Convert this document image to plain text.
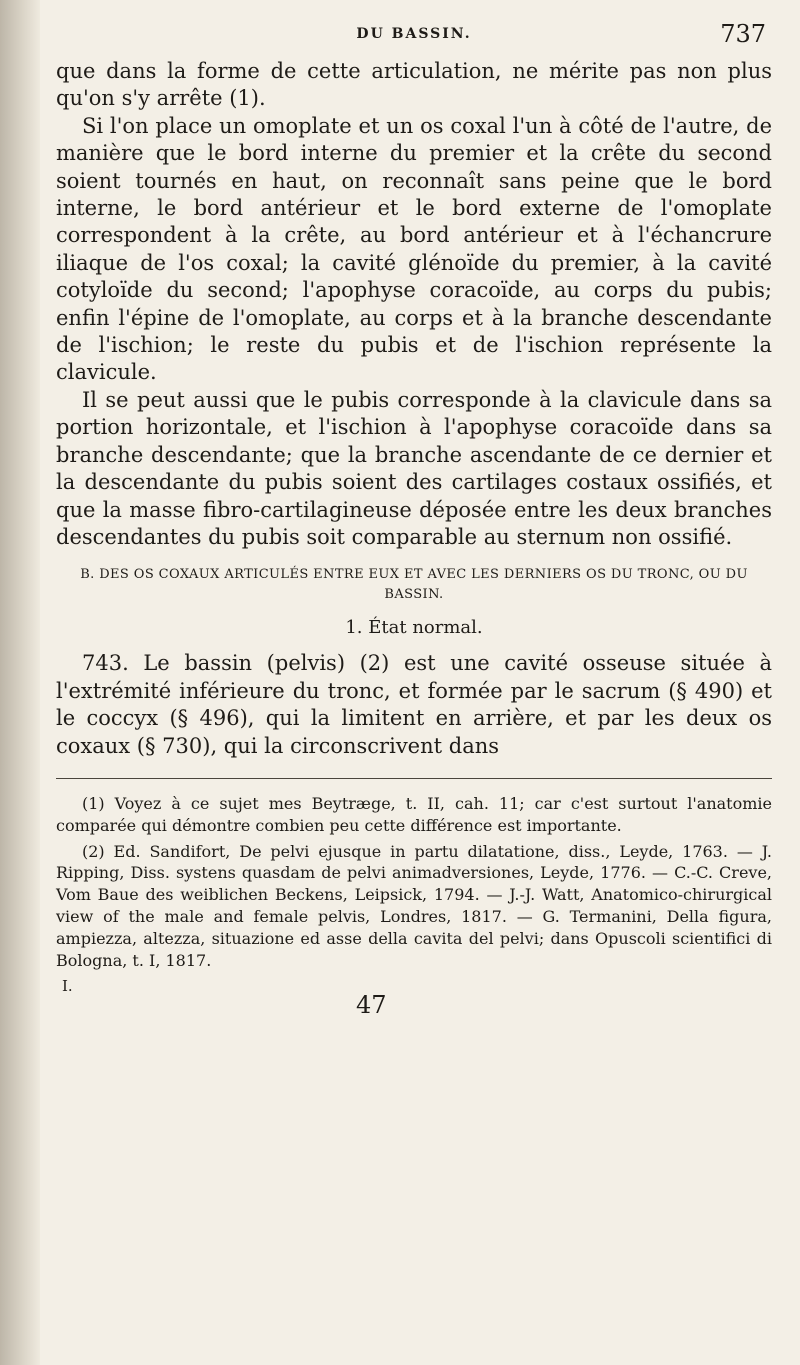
DU BASSIN.	737

que dans la forme de cette articulation, ne mérite pas non plus qu'on s'y arrête (1).

Si l'on place un omoplate et un os coxal l'un à côté de l'autre, de manière que le bord interne du premier et la crête du second soient tournés en haut, on reconnaît sans peine que le bord interne, le bord antérieur et le bord externe de l'omoplate correspondent à la crête, au bord antérieur et à l'échancrure iliaque de l'os coxal; la cavité glénoïde du premier, à la cavité cotyloïde du second; l'apophyse coracoïde, au corps du pubis; enfin l'épine de l'omoplate, au corps et à la branche descendante de l'ischion; le reste du pubis et de l'ischion représente la clavicule.

Il se peut aussi que le pubis corresponde à la clavicule dans sa portion horizontale, et l'ischion à l'apophyse coracoïde dans sa branche descendante; que la branche ascendante de ce dernier et la descendante du pubis soient des cartilages costaux ossifiés, et que la masse fibro-cartilagineuse déposée entre les deux branches descendantes du pubis soit comparable au sternum non ossifié.

B. DES OS COXAUX ARTICULÉS ENTRE EUX ET AVEC LES DERNIERS OS DU TRONC, OU DU BASSIN.
1. État normal.

743. Le bassin (pelvis) (2) est une cavité osseuse située à l'extrémité inférieure du tronc, et formée par le sacrum (§ 490) et le coccyx (§ 496), qui la limitent en arrière, et par les deux os coxaux (§ 730), qui la circonscrivent dans

(1) Voyez à ce sujet mes Beytræge, t. II, cah. 11; car c'est surtout l'anatomie comparée qui démontre combien peu cette différence est importante.

(2) Ed. Sandifort, De pelvi ejusque in partu dilatatione, diss., Leyde, 1763. — J. Ripping, Diss. systens quasdam de pelvi animadversiones, Leyde, 1776. — C.-C. Creve, Vom Baue des weiblichen Beckens, Leipsick, 1794. — J.-J. Watt, Anatomico-chirurgical view of the male and female pelvis, Londres, 1817. — G. Termanini, Della figura, ampiezza, altezza, situazione ed asse della cavita del pelvi; dans Opuscoli scientifici di Bologna, t. I, 1817.

I.
47
